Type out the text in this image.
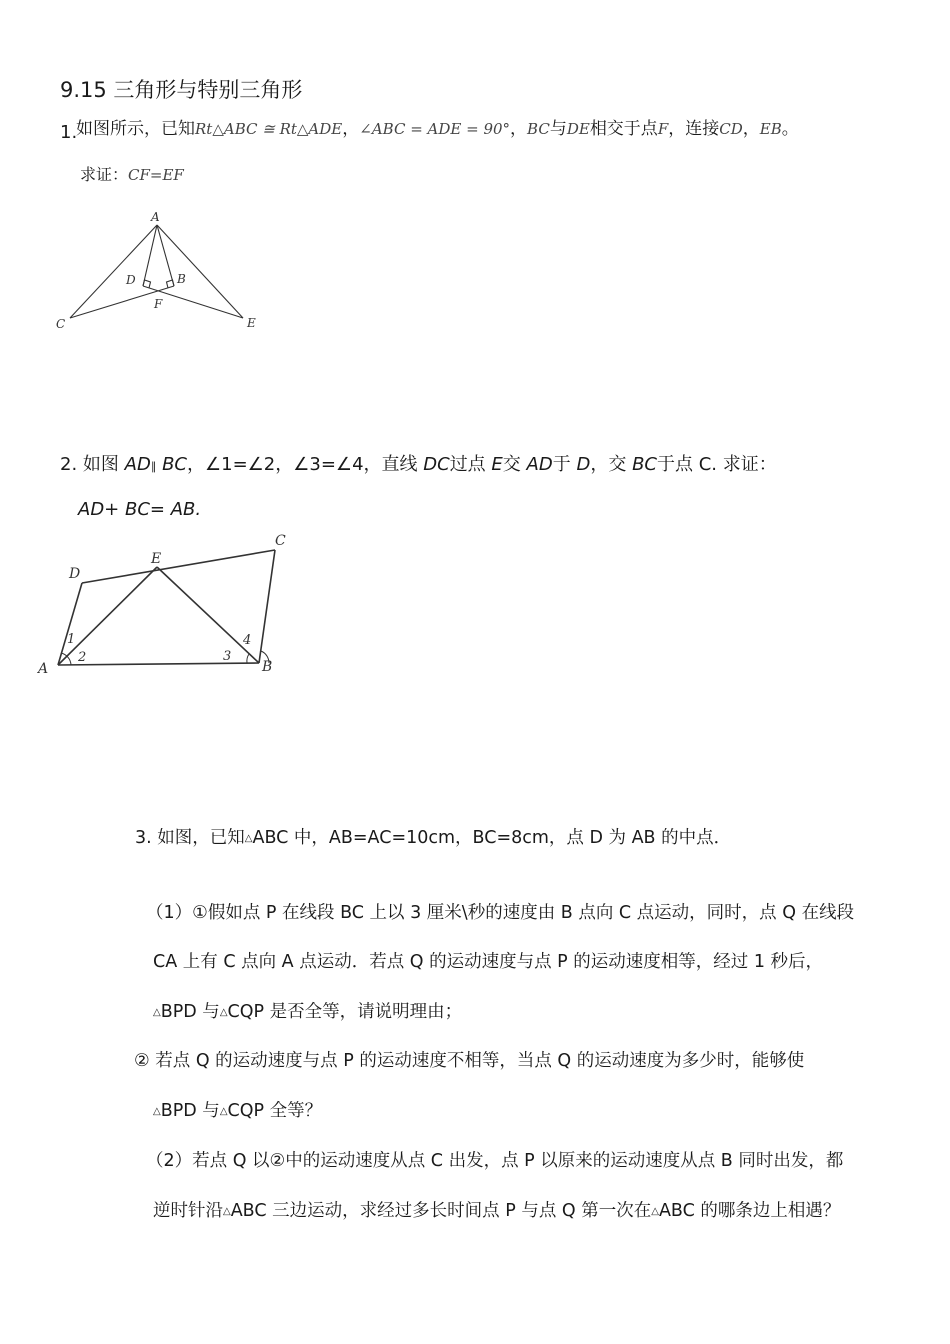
9.15 三角形与特别三角形
1.
如图所示，已知Rt△ABC ≅ Rt△ADE，∠ABC = ADE = 90°，BC与DE相交于点F，连接CD，EB。
求证：CF=EF
A
D	B
F
C	E
2. 如图 AD∥ BC，∠1=∠2，∠3=∠4，直线 DC过点 E交 AD于 D，交 BC于点 C. 求证：
AD+ BC= AB.
D
E
C
A	B
1
2	3
4
3. 如图，已知△ABC 中，AB=AC=10cm，BC=8cm，点 D 为 AB 的中点．
（1）①假如点 P 在线段 BC 上以 3 厘米\秒的速度由 B 点向 C 点运动，同时，点 Q 在线段
CA 上有 C 点向 A 点运动．若点 Q 的运动速度与点 P 的运动速度相等，经过 1 秒后，
△BPD 与△CQP 是否全等，请说明理由；
② 若点 Q 的运动速度与点 P 的运动速度不相等，当点 Q 的运动速度为多少时，能够使
△BPD 与△CQP 全等？
（2）若点 Q 以②中的运动速度从点 C 出发，点 P 以原来的运动速度从点 B 同时出发，都
逆时针沿△ABC 三边运动，求经过多长时间点 P 与点 Q 第一次在△ABC 的哪条边上相遇？
